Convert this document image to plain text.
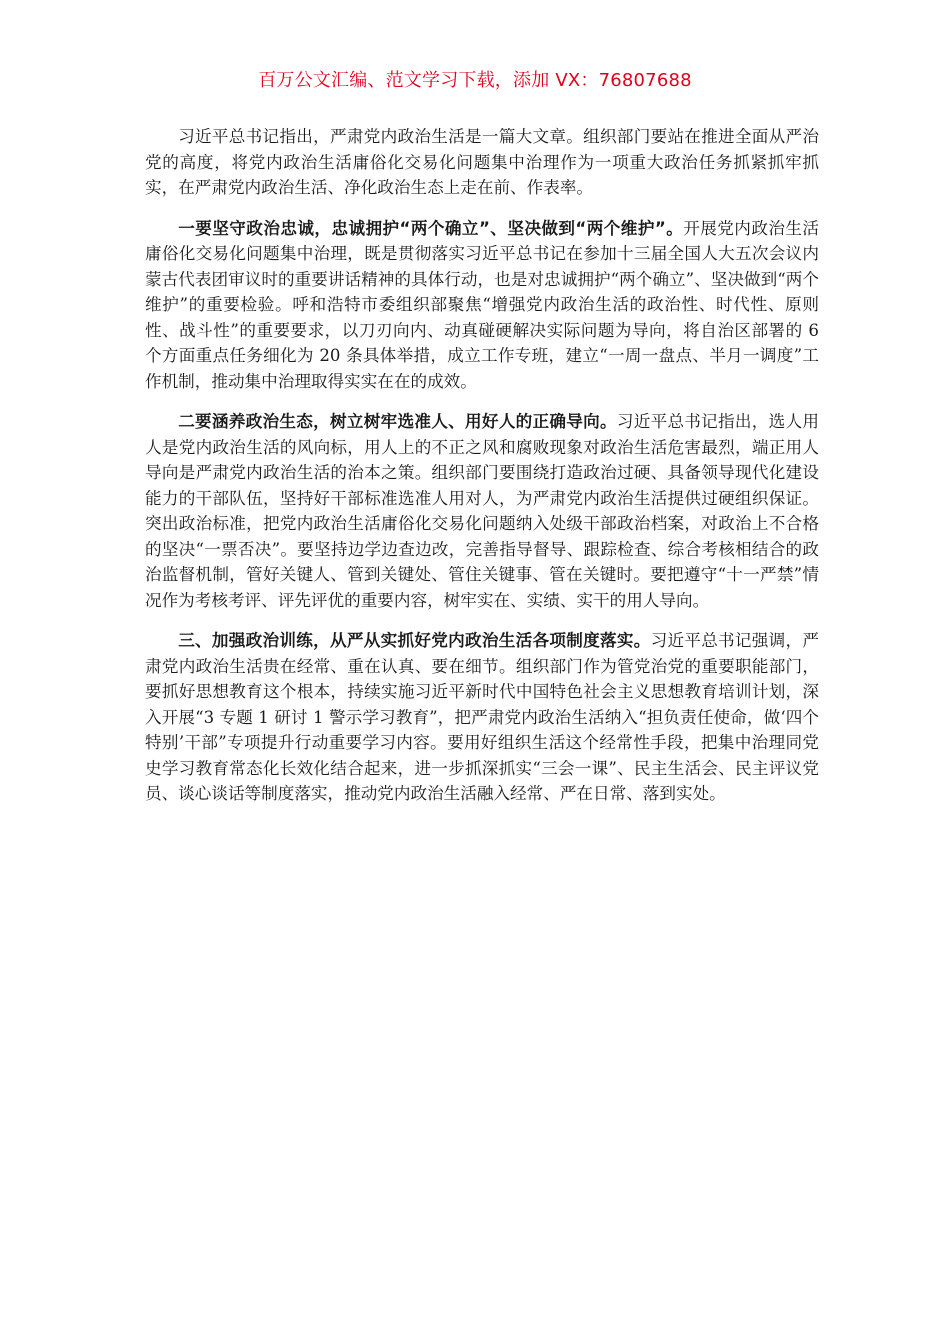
百万公文汇编、范文学习下载，添加 VX：76807688

习近平总书记指出，严肃党内政治生活是一篇大文章。组织部门要站在推进全面从严治党的高度，将党内政治生活庸俗化交易化问题集中治理作为一项重大政治任务抓紧抓牢抓实，在严肃党内政治生活、净化政治生态上走在前、作表率。

一要坚守政治忠诚，忠诚拥护“两个确立”、坚决做到“两个维护”。开展党内政治生活庸俗化交易化问题集中治理，既是贯彻落实习近平总书记在参加十三届全国人大五次会议内蒙古代表团审议时的重要讲话精神的具体行动，也是对忠诚拥护“两个确立”、坚决做到“两个维护”的重要检验。呼和浩特市委组织部聚焦“增强党内政治生活的政治性、时代性、原则性、战斗性”的重要要求，以刀刃向内、动真碰硬解决实际问题为导向，将自治区部署的 6 个方面重点任务细化为 20 条具体举措，成立工作专班，建立“一周一盘点、半月一调度”工作机制，推动集中治理取得实实在在的成效。

二要涵养政治生态，树立树牢选准人、用好人的正确导向。习近平总书记指出，选人用人是党内政治生活的风向标，用人上的不正之风和腐败现象对政治生活危害最烈，端正用人导向是严肃党内政治生活的治本之策。组织部门要围绕打造政治过硬、具备领导现代化建设能力的干部队伍，坚持好干部标准选准人用对人，为严肃党内政治生活提供过硬组织保证。突出政治标准，把党内政治生活庸俗化交易化问题纳入处级干部政治档案，对政治上不合格的坚决“一票否决”。要坚持边学边查边改，完善指导督导、跟踪检查、综合考核相结合的政治监督机制，管好关键人、管到关键处、管住关键事、管在关键时。要把遵守“十一严禁”情况作为考核考评、评先评优的重要内容，树牢实在、实绩、实干的用人导向。

三、加强政治训练，从严从实抓好党内政治生活各项制度落实。习近平总书记强调，严肃党内政治生活贵在经常、重在认真、要在细节。组织部门作为管党治党的重要职能部门，要抓好思想教育这个根本，持续实施习近平新时代中国特色社会主义思想教育培训计划，深入开展“3 专题 1 研讨 1 警示学习教育”，把严肃党内政治生活纳入“担负责任使命，做‘四个特别’干部”专项提升行动重要学习内容。要用好组织生活这个经常性手段，把集中治理同党史学习教育常态化长效化结合起来，进一步抓深抓实“三会一课”、民主生活会、民主评议党员、谈心谈话等制度落实，推动党内政治生活融入经常、严在日常、落到实处。
